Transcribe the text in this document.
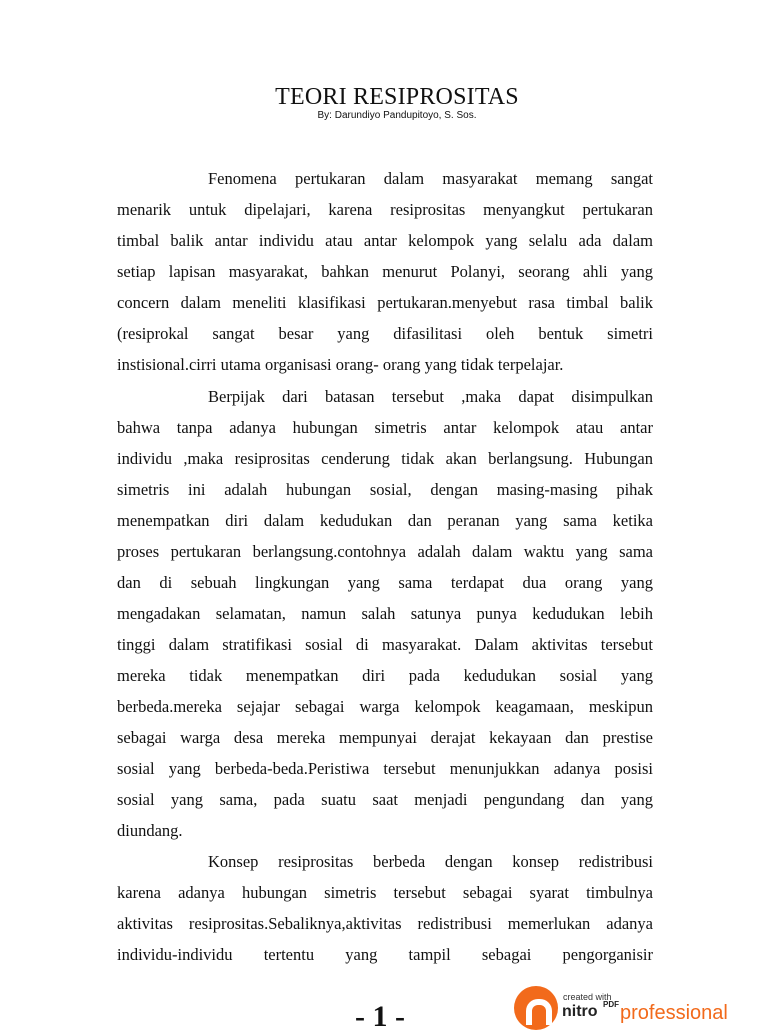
TEORI RESIPROSITAS
By: Darundiyo Pandupitoyo, S. Sos.
Fenomena pertukaran dalam masyarakat memang sangat
menarik untuk dipelajari, karena resiprositas menyangkut pertukaran
timbal balik antar individu atau antar kelompok yang selalu ada dalam
setiap lapisan masyarakat, bahkan menurut Polanyi, seorang ahli yang
concern dalam meneliti klasifikasi pertukaran.menyebut rasa timbal balik
(resiprokal sangat besar yang difasilitasi oleh bentuk simetri
instisional.cirri utama organisasi orang- orang yang tidak terpelajar.
Berpijak dari batasan tersebut ,maka dapat disimpulkan
bahwa tanpa adanya hubungan simetris antar kelompok atau antar
individu ,maka resiprositas cenderung tidak akan berlangsung. Hubungan
simetris ini adalah hubungan sosial, dengan masing-masing pihak
menempatkan diri dalam kedudukan dan peranan yang sama ketika
proses pertukaran berlangsung.contohnya adalah dalam waktu yang sama
dan di sebuah lingkungan yang sama terdapat dua orang yang
mengadakan selamatan, namun salah satunya punya kedudukan lebih
tinggi dalam stratifikasi sosial di masyarakat. Dalam aktivitas tersebut
mereka tidak menempatkan diri pada kedudukan sosial yang
berbeda.mereka sejajar sebagai warga kelompok keagamaan, meskipun
sebagai warga desa mereka mempunyai derajat kekayaan dan prestise
sosial yang berbeda-beda.Peristiwa tersebut menunjukkan adanya posisi
sosial yang sama, pada suatu saat menjadi pengundang dan yang
diundang.
Konsep resiprositas berbeda dengan konsep redistribusi
karena adanya hubungan simetris tersebut sebagai syarat timbulnya
aktivitas resiprositas.Sebaliknya,aktivitas redistribusi memerlukan adanya
individu-individu tertentu yang tampil sebagai pengorganisir
- 1 -
created with
nitro PDF professional
